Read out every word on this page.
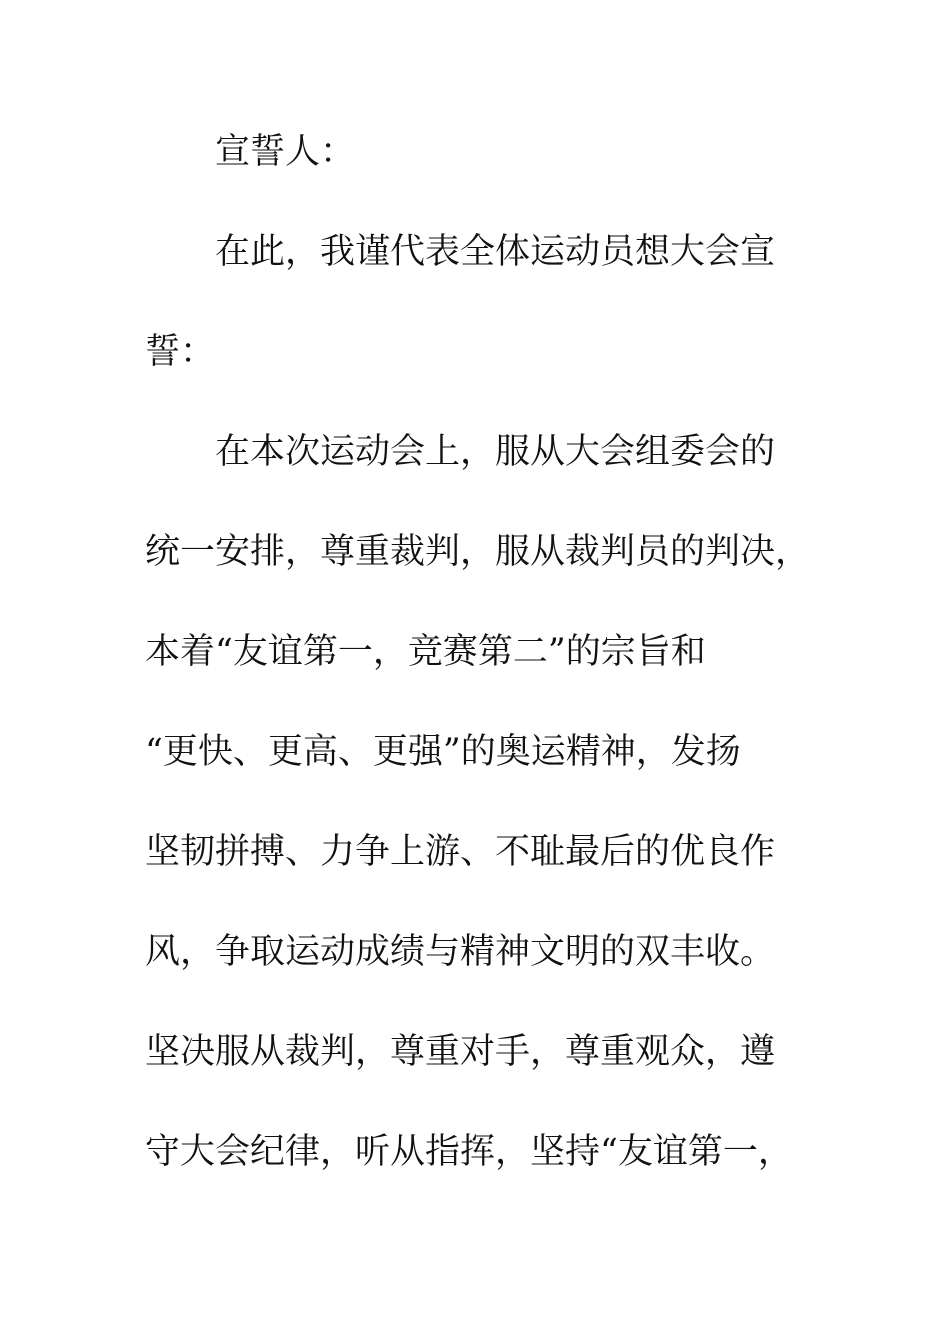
宣誓人：
在此，我谨代表全体运动员想大会宣
誓：
在本次运动会上，服从大会组委会的
统一安排，尊重裁判，服从裁判员的判决，
本着“友谊第一，竞赛第二”的宗旨和
“更快、更高、更强”的奥运精神，发扬
坚韧拼搏、力争上游、不耻最后的优良作
风，争取运动成绩与精神文明的双丰收。
坚决服从裁判，尊重对手，尊重观众，遵
守大会纪律，听从指挥，坚持“友谊第一，
